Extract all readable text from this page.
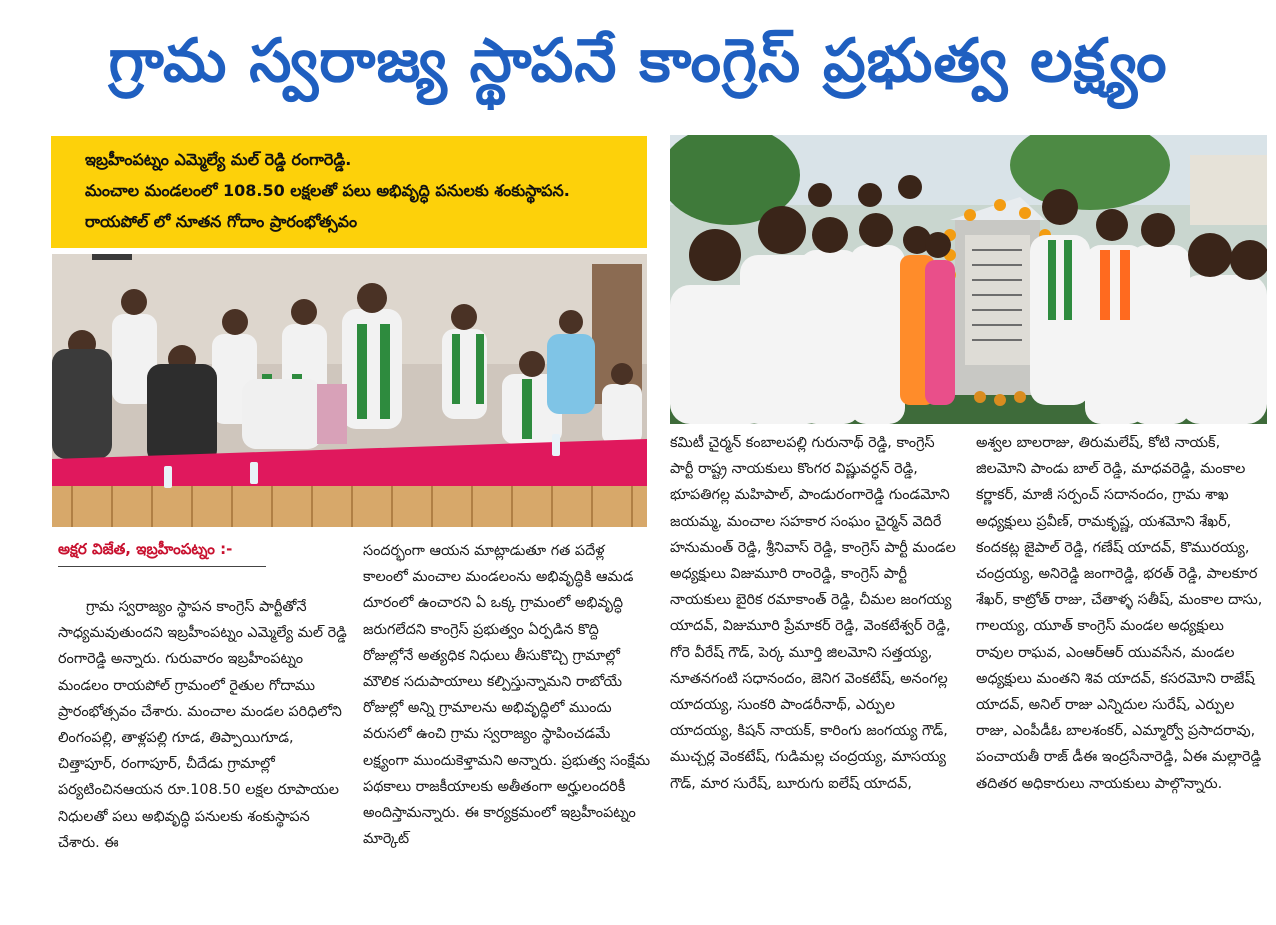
గ్రామ స్వరాజ్య స్థాపనే కాంగ్రెస్ ప్రభుత్వ లక్ష్యం
ఇబ్రహీంపట్నం ఎమ్మెల్యే మల్ రెడ్డి రంగారెడ్డి.
మంచాల మండలంలో 108.50 లక్షలతో పలు అభివృద్ధి పనులకు శంకుస్థాపన.
రాయపోల్ లో నూతన గోదాం ప్రారంభోత్సవం
అక్షర విజేత, ఇబ్రహీంపట్నం :-

గ్రామ స్వరాజ్యం స్థాపన కాంగ్రెస్ పార్టీతోనే సాధ్యమవుతుందని ఇబ్రహీంపట్నం ఎమ్మెల్యే మల్ రెడ్డి రంగారెడ్డి అన్నారు. గురువారం ఇబ్రహీంపట్నం మండలం రాయపోల్ గ్రామంలో రైతుల గోదాము ప్రారంభోత్సవం చేశారు. మంచాల మండల పరిధిలోని లింగంపల్లి, తాళ్లపల్లి గూడ, తిప్పాయిగూడ, చిత్తాపూర్, రంగాపూర్, చీదేడు గ్రామాల్లో పర్యటించినఆయన రూ.108.50 లక్షల రూపాయల నిధులతో పలు అభివృద్ధి పనులకు శంకుస్థాపన చేశారు. ఈ

సందర్భంగా ఆయన మాట్లాడుతూ గత పదేళ్ల కాలంలో మంచాల మండలంను అభివృద్ధికి ఆమడ దూరంలో ఉంచారని ఏ ఒక్క గ్రామంలో అభివృద్ధి జరుగలేదని కాంగ్రెస్ ప్రభుత్వం ఏర్పడిన కొద్ది రోజుల్లోనే అత్యధిక నిధులు తీసుకొచ్చి గ్రామాల్లో మౌలిక సదుపాయాలు కల్పిస్తున్నామని రాబోయే రోజుల్లో అన్ని గ్రామాలను అభివృద్ధిలో ముందు వరుసలో ఉంచి గ్రామ స్వరాజ్యం స్థాపించడమే లక్ష్యంగా ముందుకెళ్తామని అన్నారు. ప్రభుత్వ సంక్షేమ పథకాలు రాజకీయాలకు అతీతంగా అర్హులందరికీ అందిస్తామన్నారు. ఈ కార్యక్రమంలో ఇబ్రహీంపట్నం మార్కెట్

కమిటీ చైర్మన్ కంబాలపల్లి గురునాథ్ రెడ్డి, కాంగ్రెస్ పార్టీ రాష్ట్ర నాయకులు కొంగర విష్ణువర్ధన్ రెడ్డి, భూపతిగల్ల మహిపాల్, పాండురంగారెడ్డి గుండమోని జయమ్మ, మంచాల సహకార సంఘం చైర్మన్ వెదిరే హనుమంత్ రెడ్డి, శ్రీనివాస్ రెడ్డి, కాంగ్రెస్ పార్టీ మండల అధ్యక్షులు విజుమూరి రాంరెడ్డి, కాంగ్రెస్ పార్టీ నాయకులు బైరిక రమాకాంత్ రెడ్డి, చీమల జంగయ్య యాదవ్, విజుమూరి ప్రేమాకర్ రెడ్డి, వెంకటేశ్వర్ రెడ్డి, గోరె వీరేష్ గౌడ్, పెర్క మూర్తి జిలమోని సత్తయ్య, నూతనగంటి సధానందం, జెనిగ వెంకటేష్, అనంగల్ల యాదయ్య, సుంకరి పాండరీనాథ్, ఎర్పుల యాదయ్య, కిషన్ నాయక్, కారింగు జంగయ్య గౌడ్, ముచ్చర్ల వెంకటేష్, గుడిమల్ల చంద్రయ్య, మాసయ్య గౌడ్, మార సురేష్, బూరుగు ఐలేష్ యాదవ్,

అశ్వల బాలరాజు, తిరుమలేష్, కోటి నాయక్, జిలమోని పాండు బాల్ రెడ్డి, మాధవరెడ్డి, మంకాల కర్ణాకర్, మాజీ సర్పంచ్ సదానందం, గ్రామ శాఖ అధ్యక్షులు ప్రవీణ్, రామకృష్ణ, యశమోని శేఖర్, కందకట్ల జైపాల్ రెడ్డి, గణేష్ యాదవ్, కొమురయ్య, చంద్రయ్య, అనిరెడ్డి జంగారెడ్డి, భరత్ రెడ్డి, పాలకూర శేఖర్, కాట్రోత్ రాజు, చేతాళ్ళ సతీష్, మంకాల దాసు, గాలయ్య, యూత్ కాంగ్రెస్ మండల అధ్యక్షులు రావుల రాఘవ, ఎంఆర్ఆర్ యువసేన, మండల అధ్యక్షులు మంతని శివ యాదవ్, కసరమోని రాజేష్ యాదవ్, అనిల్ రాజు ఎన్నిదుల సురేష్, ఎర్పుల రాజు, ఎంపీడీఓ బాలశంకర్, ఎమ్మార్వో ప్రసాదరావు, పంచాయతీ రాజ్ డీఈ ఇంద్రసేనారెడ్డి, ఏఈ మల్లారెడ్డి తదితర అధికారులు నాయకులు పాల్గొన్నారు.
